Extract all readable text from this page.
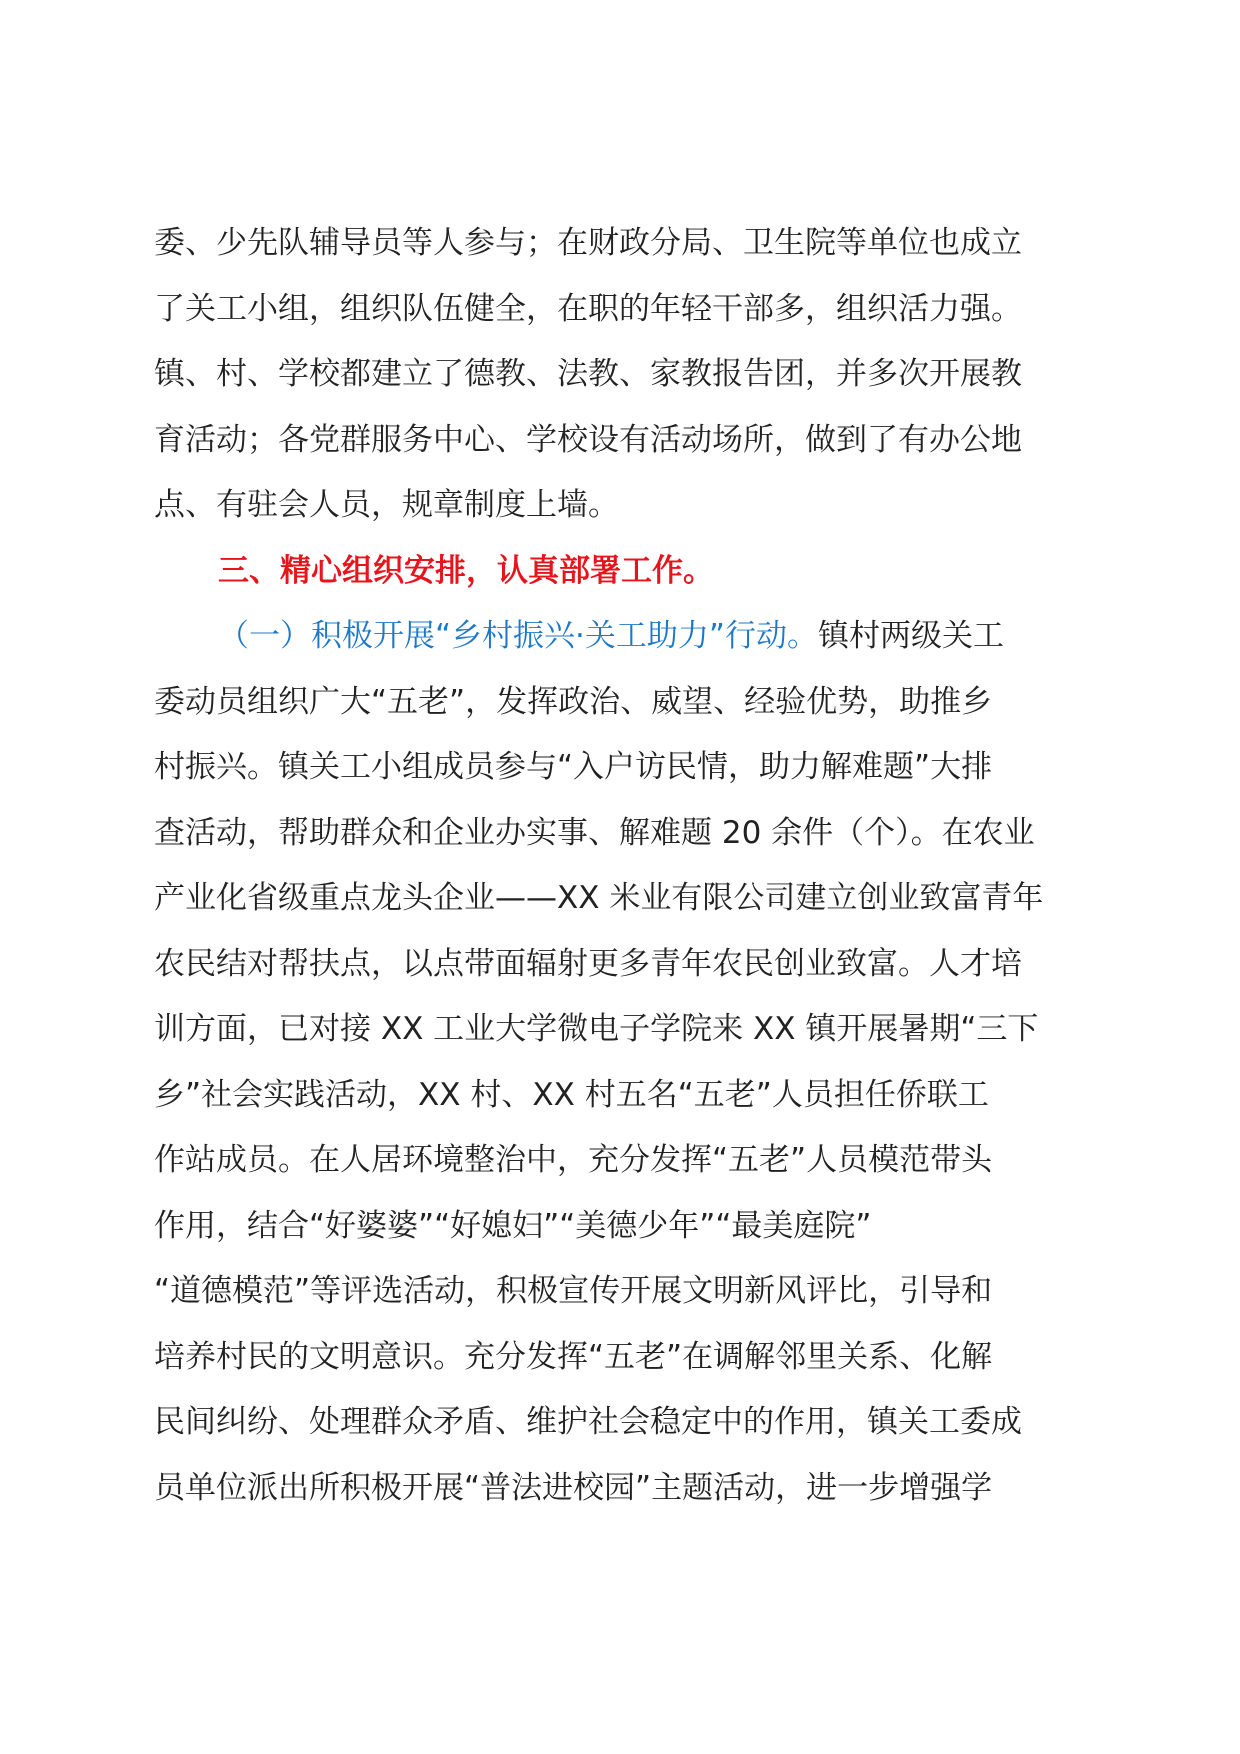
委、少先队辅导员等人参与；在财政分局、卫生院等单位也成立
了关工小组，组织队伍健全，在职的年轻干部多，组织活力强。
镇、村、学校都建立了德教、法教、家教报告团，并多次开展教
育活动；各党群服务中心、学校设有活动场所，做到了有办公地
点、有驻会人员，规章制度上墙。
三、精心组织安排，认真部署工作。
（一）积极开展“乡村振兴·关工助力”行动。镇村两级关工
委动员组织广大“五老”，发挥政治、威望、经验优势，助推乡
村振兴。镇关工小组成员参与“入户访民情，助力解难题”大排
查活动，帮助群众和企业办实事、解难题 20 余件（个）。在农业
产业化省级重点龙头企业——XX 米业有限公司建立创业致富青年
农民结对帮扶点，以点带面辐射更多青年农民创业致富。人才培
训方面，已对接 XX 工业大学微电子学院来 XX 镇开展暑期“三下
乡”社会实践活动，XX 村、XX 村五名“五老”人员担任侨联工
作站成员。在人居环境整治中，充分发挥“五老”人员模范带头
作用，结合“好婆婆”“好媳妇”“美德少年”“最美庭院”
“道德模范”等评选活动，积极宣传开展文明新风评比，引导和
培养村民的文明意识。充分发挥“五老”在调解邻里关系、化解
民间纠纷、处理群众矛盾、维护社会稳定中的作用，镇关工委成
员单位派出所积极开展“普法进校园”主题活动，进一步增强学
